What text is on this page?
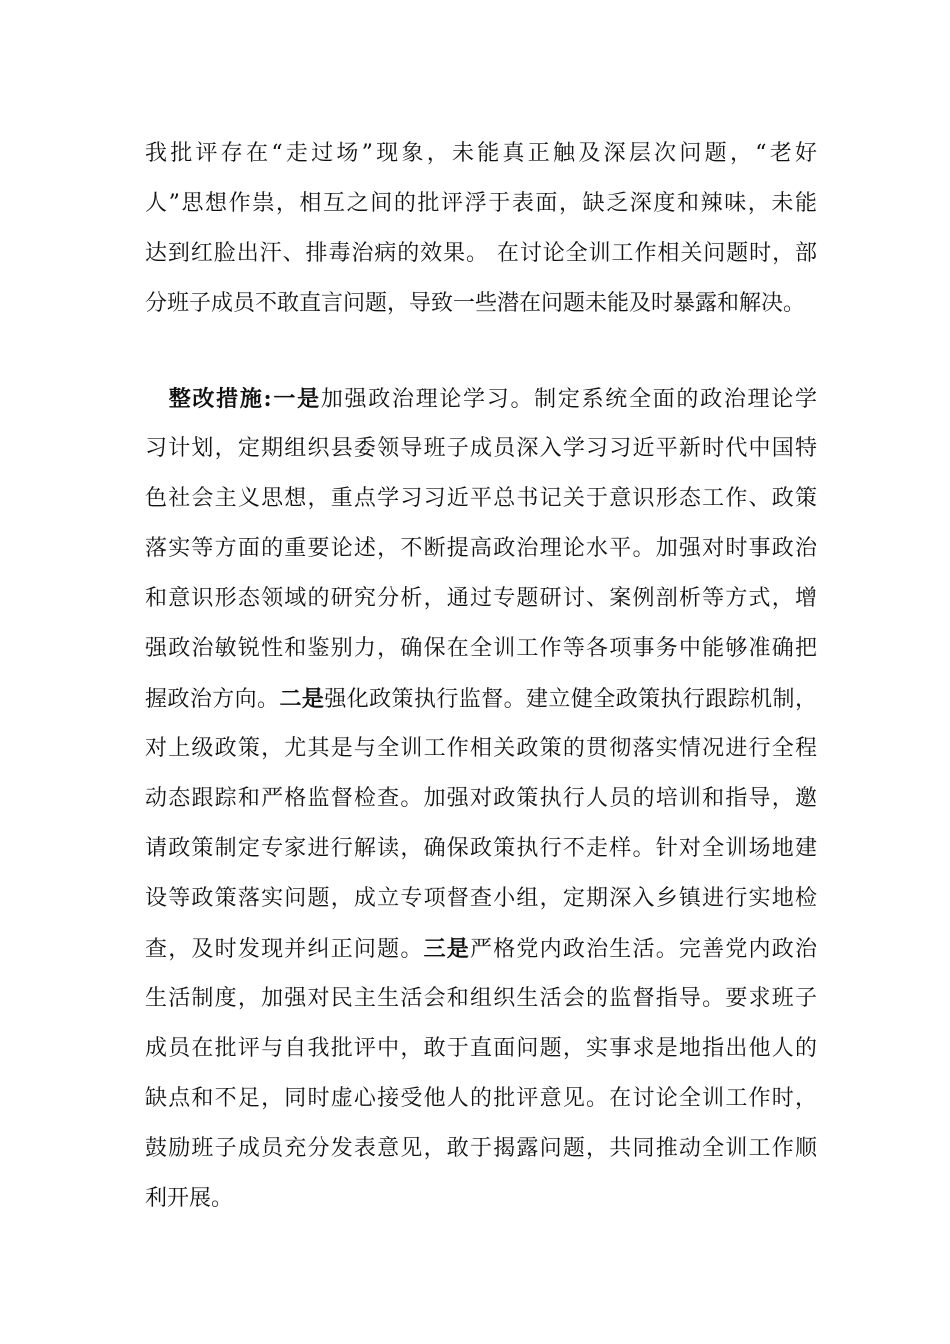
我批评存在“走过场”现象，未能真正触及深层次问题，“老好
人”思想作祟，相互之间的批评浮于表面，缺乏深度和辣味，未能
达到红脸出汗、排毒治病的效果。 在讨论全训工作相关问题时，部
分班子成员不敢直言问题，导致一些潜在问题未能及时暴露和解决。
　整改措施:一是加强政治理论学习。制定系统全面的政治理论学
习计划，定期组织县委领导班子成员深入学习习近平新时代中国特
色社会主义思想，重点学习习近平总书记关于意识形态工作、政策
落实等方面的重要论述，不断提高政治理论水平。加强对时事政治
和意识形态领域的研究分析，通过专题研讨、案例剖析等方式，增
强政治敏锐性和鉴别力，确保在全训工作等各项事务中能够准确把
握政治方向。二是强化政策执行监督。建立健全政策执行跟踪机制，
对上级政策，尤其是与全训工作相关政策的贯彻落实情况进行全程
动态跟踪和严格监督检查。加强对政策执行人员的培训和指导，邀
请政策制定专家进行解读，确保政策执行不走样。针对全训场地建
设等政策落实问题，成立专项督查小组，定期深入乡镇进行实地检
查，及时发现并纠正问题。三是严格党内政治生活。完善党内政治
生活制度，加强对民主生活会和组织生活会的监督指导。要求班子
成员在批评与自我批评中，敢于直面问题，实事求是地指出他人的
缺点和不足，同时虚心接受他人的批评意见。在讨论全训工作时，
鼓励班子成员充分发表意见，敢于揭露问题，共同推动全训工作顺
利开展。
